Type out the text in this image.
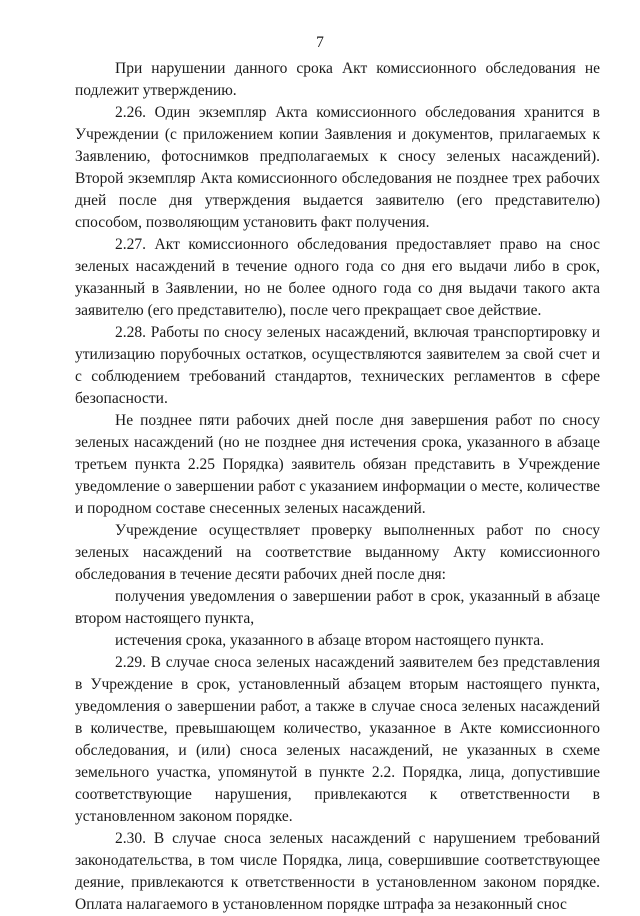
7

При нарушении данного срока Акт комиссионного обследования не подлежит утверждению.

2.26. Один экземпляр Акта комиссионного обследования хранится в Учреждении (с приложением копии Заявления и документов, прилагаемых к Заявлению, фотоснимков предполагаемых к сносу зеленых насаждений). Второй экземпляр Акта комиссионного обследования не позднее трех рабочих дней после дня утверждения выдается заявителю (его представителю) способом, позволяющим установить факт получения.

2.27. Акт комиссионного обследования предоставляет право на снос зеленых насаждений в течение одного года со дня его выдачи либо в срок, указанный в Заявлении, но не более одного года со дня выдачи такого акта заявителю (его представителю), после чего прекращает свое действие.

2.28. Работы по сносу зеленых насаждений, включая транспортировку и утилизацию порубочных остатков, осуществляются заявителем за свой счет и с соблюдением требований стандартов, технических регламентов в сфере безопасности.

Не позднее пяти рабочих дней после дня завершения работ по сносу зеленых насаждений (но не позднее дня истечения срока, указанного в абзаце третьем пункта 2.25 Порядка) заявитель обязан представить в Учреждение уведомление о завершении работ с указанием информации о месте, количестве и породном составе снесенных зеленых насаждений.

Учреждение осуществляет проверку выполненных работ по сносу зеленых насаждений на соответствие выданному Акту комиссионного обследования в течение десяти рабочих дней после дня:

получения уведомления о завершении работ в срок, указанный в абзаце втором настоящего пункта,

истечения срока, указанного в абзаце втором настоящего пункта.

2.29. В случае сноса зеленых насаждений заявителем без представления в Учреждение в срок, установленный абзацем вторым настоящего пункта, уведомления о завершении работ, а также в случае сноса зеленых насаждений в количестве, превышающем количество, указанное в Акте комиссионного обследования, и (или) сноса зеленых насаждений, не указанных в схеме земельного участка, упомянутой в пункте 2.2. Порядка, лица, допустившие соответствующие нарушения, привлекаются к ответственности в установленном законом порядке.

2.30. В случае сноса зеленых насаждений с нарушением требований законодательства, в том числе Порядка, лица, совершившие соответствующее деяние, привлекаются к ответственности в установленном законом порядке. Оплата налагаемого в установленном порядке штрафа за незаконный снос
